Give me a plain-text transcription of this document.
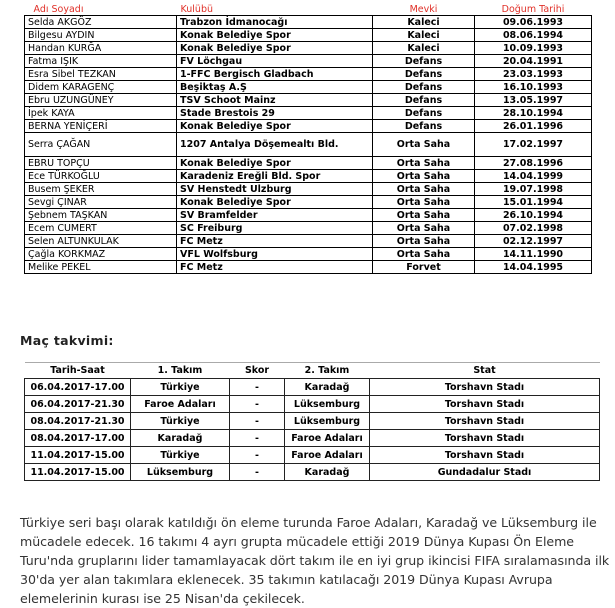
Adı Soyadı	Kulübü	Mevki	Doğum Tarihi
Selda AKGÖZ	Trabzon İdmanocağı	Kaleci	09.06.1993
Bilgesu AYDIN	Konak Belediye Spor	Kaleci	08.06.1994
Handan KURĞA	Konak Belediye Spor	Kaleci	10.09.1993
Fatma IŞIK	FV Löchgau	Defans	20.04.1991
Esra Sibel TEZKAN	1-FFC Bergisch Gladbach	Defans	23.03.1993
Didem KARAGENÇ	Beşiktaş A.Ş	Defans	16.10.1993
Ebru UZUNGÜNEY	TSV Schoot Mainz	Defans	13.05.1997
İpek KAYA	Stade Brestois 29	Defans	28.10.1994
BERNA YENİÇERİ	Konak Belediye Spor	Defans	26.01.1996
Serra ÇAĞAN	1207 Antalya Döşemealtı Bld.	Orta Saha	17.02.1997
EBRU TOPÇU	Konak Belediye Spor	Orta Saha	27.08.1996
Ece TÜRKOĞLU	Karadeniz Ereğli Bld. Spor	Orta Saha	14.04.1999
Busem ŞEKER	SV Henstedt Ulzburg	Orta Saha	19.07.1998
Sevgi ÇINAR	Konak Belediye Spor	Orta Saha	15.01.1994
Şebnem TAŞKAN	SV Bramfelder	Orta Saha	26.10.1994
Ecem CUMERT	SC Freiburg	Orta Saha	07.02.1998
Selen ALTUNKULAK	FC Metz	Orta Saha	02.12.1997
Çağla KORKMAZ	VFL Wolfsburg	Orta Saha	14.11.1990
Melike PEKEL	FC Metz	Forvet	14.04.1995
Maç takvimi:
Tarih-Saat	1. Takım	Skor	2. Takım	Stat
06.04.2017-17.00	Türkiye	-	Karadağ	Torshavn Stadı
06.04.2017-21.30	Faroe Adaları	-	Lüksemburg	Torshavn Stadı
08.04.2017-21.30	Türkiye	-	Lüksemburg	Torshavn Stadı
08.04.2017-17.00	Karadağ	-	Faroe Adaları	Torshavn Stadı
11.04.2017-15.00	Türkiye	-	Faroe Adaları	Torshavn Stadı
11.04.2017-15.00	Lüksemburg	-	Karadağ	Gundadalur Stadı

Türkiye seri başı olarak katıldığı ön eleme turunda Faroe Adaları, Karadağ ve Lüksemburg ile mücadele edecek. 16 takımı 4 ayrı grupta mücadele ettiği 2019 Dünya Kupası Ön Eleme Turu'nda gruplarını lider tamamlayacak dört takım ile en iyi grup ikincisi FIFA sıralamasında ilk 30'da yer alan takımlara eklenecek. 35 takımın katılacağı 2019 Dünya Kupası Avrupa elemelerinin kurası ise 25 Nisan'da çekilecek.
